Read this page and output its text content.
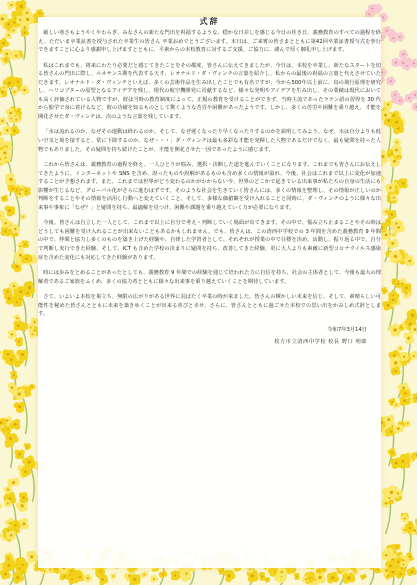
式辞

厳しい寒さもようやくやわらぎ、みなさんの新たな門出を祝福するような、穏かな日差しを感じる今日の佳き日、義務教育のすべての過程を終え、ただいま卒業証書を授与された卒業生の皆さん 卒業おめでとうございます。本日は、ご来賓の皆さまとともに第42回卒業証書授与式を挙行できますことに心より感謝申し上げますとともに、平素からの本校教育に対するご支援、ご協力に、謹んで厚く御礼申し上げます。

私はこれまでも、将来にわたり必要だと感じてきたことをその都度、皆さんに伝えてきましたが、今日は、本校を卒業し、新たなスタートを切る皆さんの門出に際し、ルネサンス期を代表する天才、レオナルド・ダ・ヴィンチの言葉を紹介し、私からの最後の祝福の言葉と代えさせていただきます。レオナルド・ダ・ヴィンチといえば、多くの芸術作品を生み出したことでも有名ですが、今から500年以上前に、鳥の飛行原理を研究し、ヘリコプターの原型となるアイデアを残し、現代の航空機開発に貢献するなど、様々な発明やアイデアを生み出し、その業績は現代においても高く評価されている人物ですが、彼は当時の教育制度によって、正規の教育を受けることができず、当時主流であったラテン語の習得を 30 代から独学で身に着けるなど、彼の功績を知るものとして驚くような苦労や困難があったようです。しかし、多くの苦労や困難を乗り越え、才能を開花させたダ・ヴィンチは、次のような言葉を残しています。

「水は流れるのか、なぜその運動は終わるのか。そして、なぜ遅くなったり早くなったりするのかを説明してみよう。なぜ、水は自分よりも低い空気と境を接すると、常に下降するのか、なぜ・・・」ダ・ヴィンチは最も多彩な才能を発揮した人物であるだけでなく、最も疑問を持った人物でもありました。その疑問を持ち続けたことが、才能を開花させた一因であったように感じます。

これから皆さんは、義務教育の過程を終え、一人ひとりが悩み、選択・決断した道を進んでいくことになります。これまでも皆さんにお伝えしてきたように、インターネットや SNS を含め、誤ったものや誤解があるものも含め多くの情報が溢れ、今後、社会はこれまで以上に変化が加速することが予想されます。また、これまでは世界がどう変わるのかがわからない今、世界のどこかで起きている出来事が私たちの自身の生活にも影響が生じるなど、グローバル化がさらに進むはずです。そのような社会を生きていく皆さんには、多くの情報を整理し、その情報が正しいのか判断をすることやその情報を活用し行動へと変えていくこと、そして、多様な価値観を受け入れることと同時に、ダ・ヴィンチのように様々な出来事や事象に「なぜ？」と疑問を持ち、最適解を見つけ、困難や課題を乗り越えていく力が必要になります。

今後、皆さんは自立した一人として、これまで以上に自分で考え・判断していく場面が出てきます。その中で、悩み立ち止まることやその時はどうしても困難を受け入れることが出来ないこともあるかもしれません。でも、皆さんは、この清西中学校での 3 年間を含めた義務教育 9 年間の中で、仲間と協力し多くのものを築き上げた経験や、自律した学習者として、それぞれが授業の中で目標を決め、活動し、振り返る中で、自分で判断し実行できた経験、そして、ICT も含めた学校の決まりに疑問を持ち、改善してきた経験、更に大人よりも素敵に新型コロナウイルス感染症を含めた変化にも対応してきた経験があります。

時には歩みをとめることがあったとしても、義務教育 9 年間での経験を通じて培われた力に自信を持ち、社会の主体者として、今後も最大の理解者であるご家族をふくめ、多くの協力者とともに様々な出来事を乗り越えていくことを期待しています。

さて、いよいよ本校を巣立ち、無限の広がりがある世界に羽ばたく卒業の時が来ました。皆さんの輝かしい未来を信じ、そして、素晴らしい可能性を秘めた皆さんとともに未来を築きゆくことが出来る喜びと幸せ、さらに、皆さんとともに過ごせた本校での思い出をかみしめ式辞とします。

令和7年3月14日
枚方市立清西中学校 校長 野口 明郎
